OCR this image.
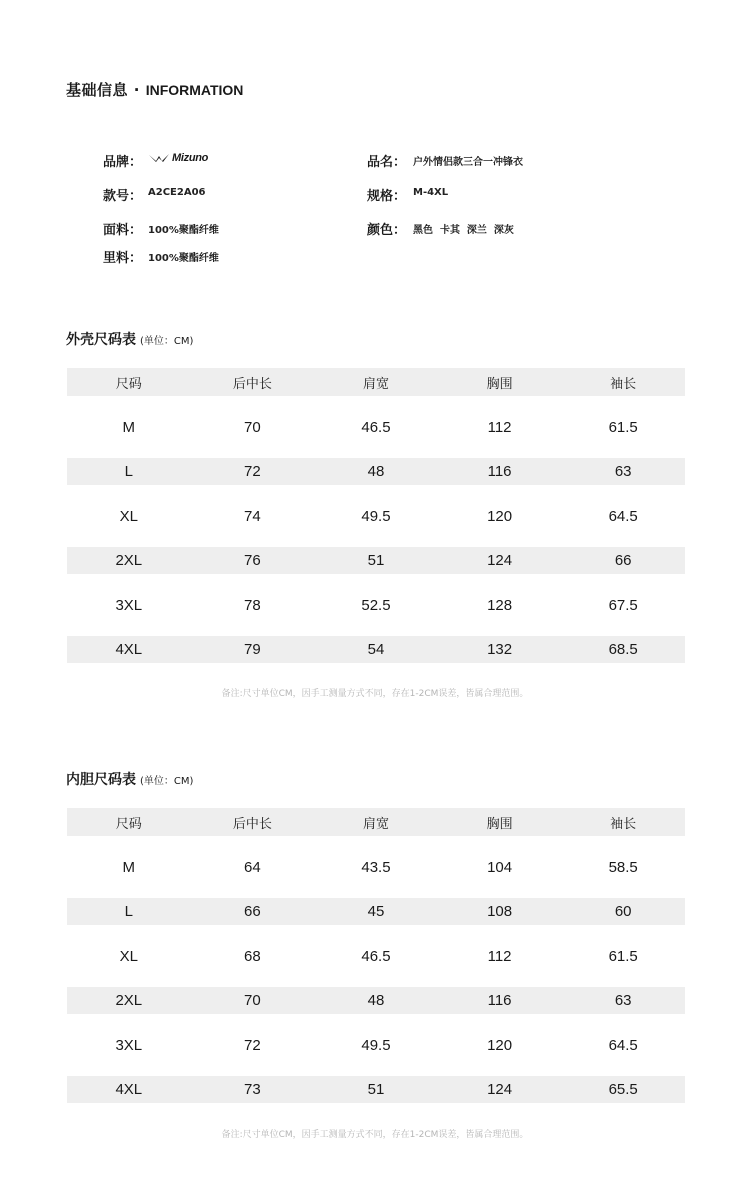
基础信息 · INFORMATION
品牌：	Mizuno	品名： 户外情侣款三合一冲锋衣
款号： A2CE2A06	规格： M-4XL
面料： 100%聚酯纤维	颜色： 黑色  卡其  深兰  深灰
里料： 100%聚酯纤维
外壳尺码表 (单位：CM)
尺码	后中长	肩宽	胸围	袖长
M	70	46.5	112	61.5
L	72	48	116	63
XL	74	49.5	120	64.5
2XL	76	51	124	66
3XL	78	52.5	128	67.5
4XL	79	54	132	68.5
备注:尺寸单位CM，因手工测量方式不同，存在1-2CM误差，皆属合理范围。
内胆尺码表 (单位：CM)
尺码	后中长	肩宽	胸围	袖长
M	64	43.5	104	58.5
L	66	45	108	60
XL	68	46.5	112	61.5
2XL	70	48	116	63
3XL	72	49.5	120	64.5
4XL	73	51	124	65.5
备注:尺寸单位CM，因手工测量方式不同，存在1-2CM误差，皆属合理范围。
